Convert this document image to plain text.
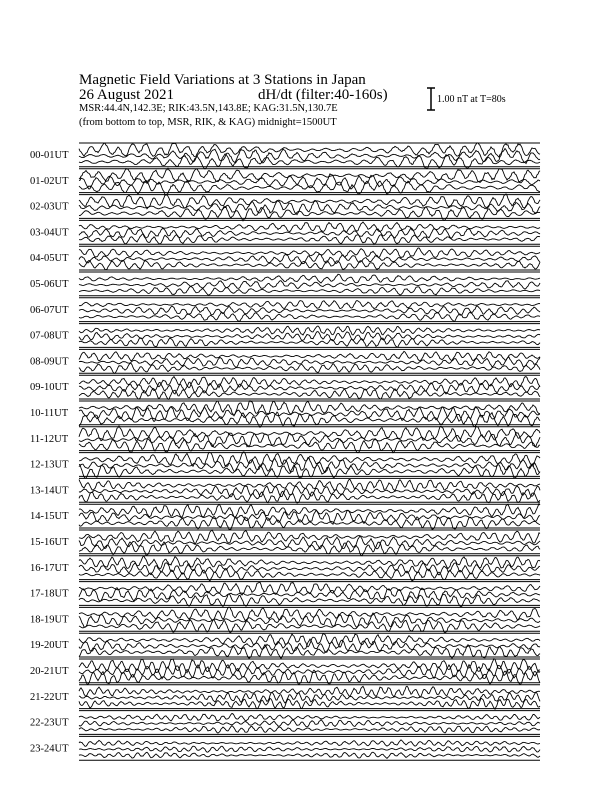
Magnetic Field Variations at 3 Stations in Japan
26 August 2021	dH/dt (filter:40-160s)
MSR:44.4N,142.3E; RIK:43.5N,143.8E; KAG:31.5N,130.7E
(from bottom to top, MSR, RIK, & KAG) midnight=1500UT
1.00 nT at T=80s
00-01UT
01-02UT
02-03UT
03-04UT
04-05UT
05-06UT
06-07UT
07-08UT
08-09UT
09-10UT
10-11UT
11-12UT
12-13UT
13-14UT
14-15UT
15-16UT
16-17UT
17-18UT
18-19UT
19-20UT
20-21UT
21-22UT
22-23UT
23-24UT
